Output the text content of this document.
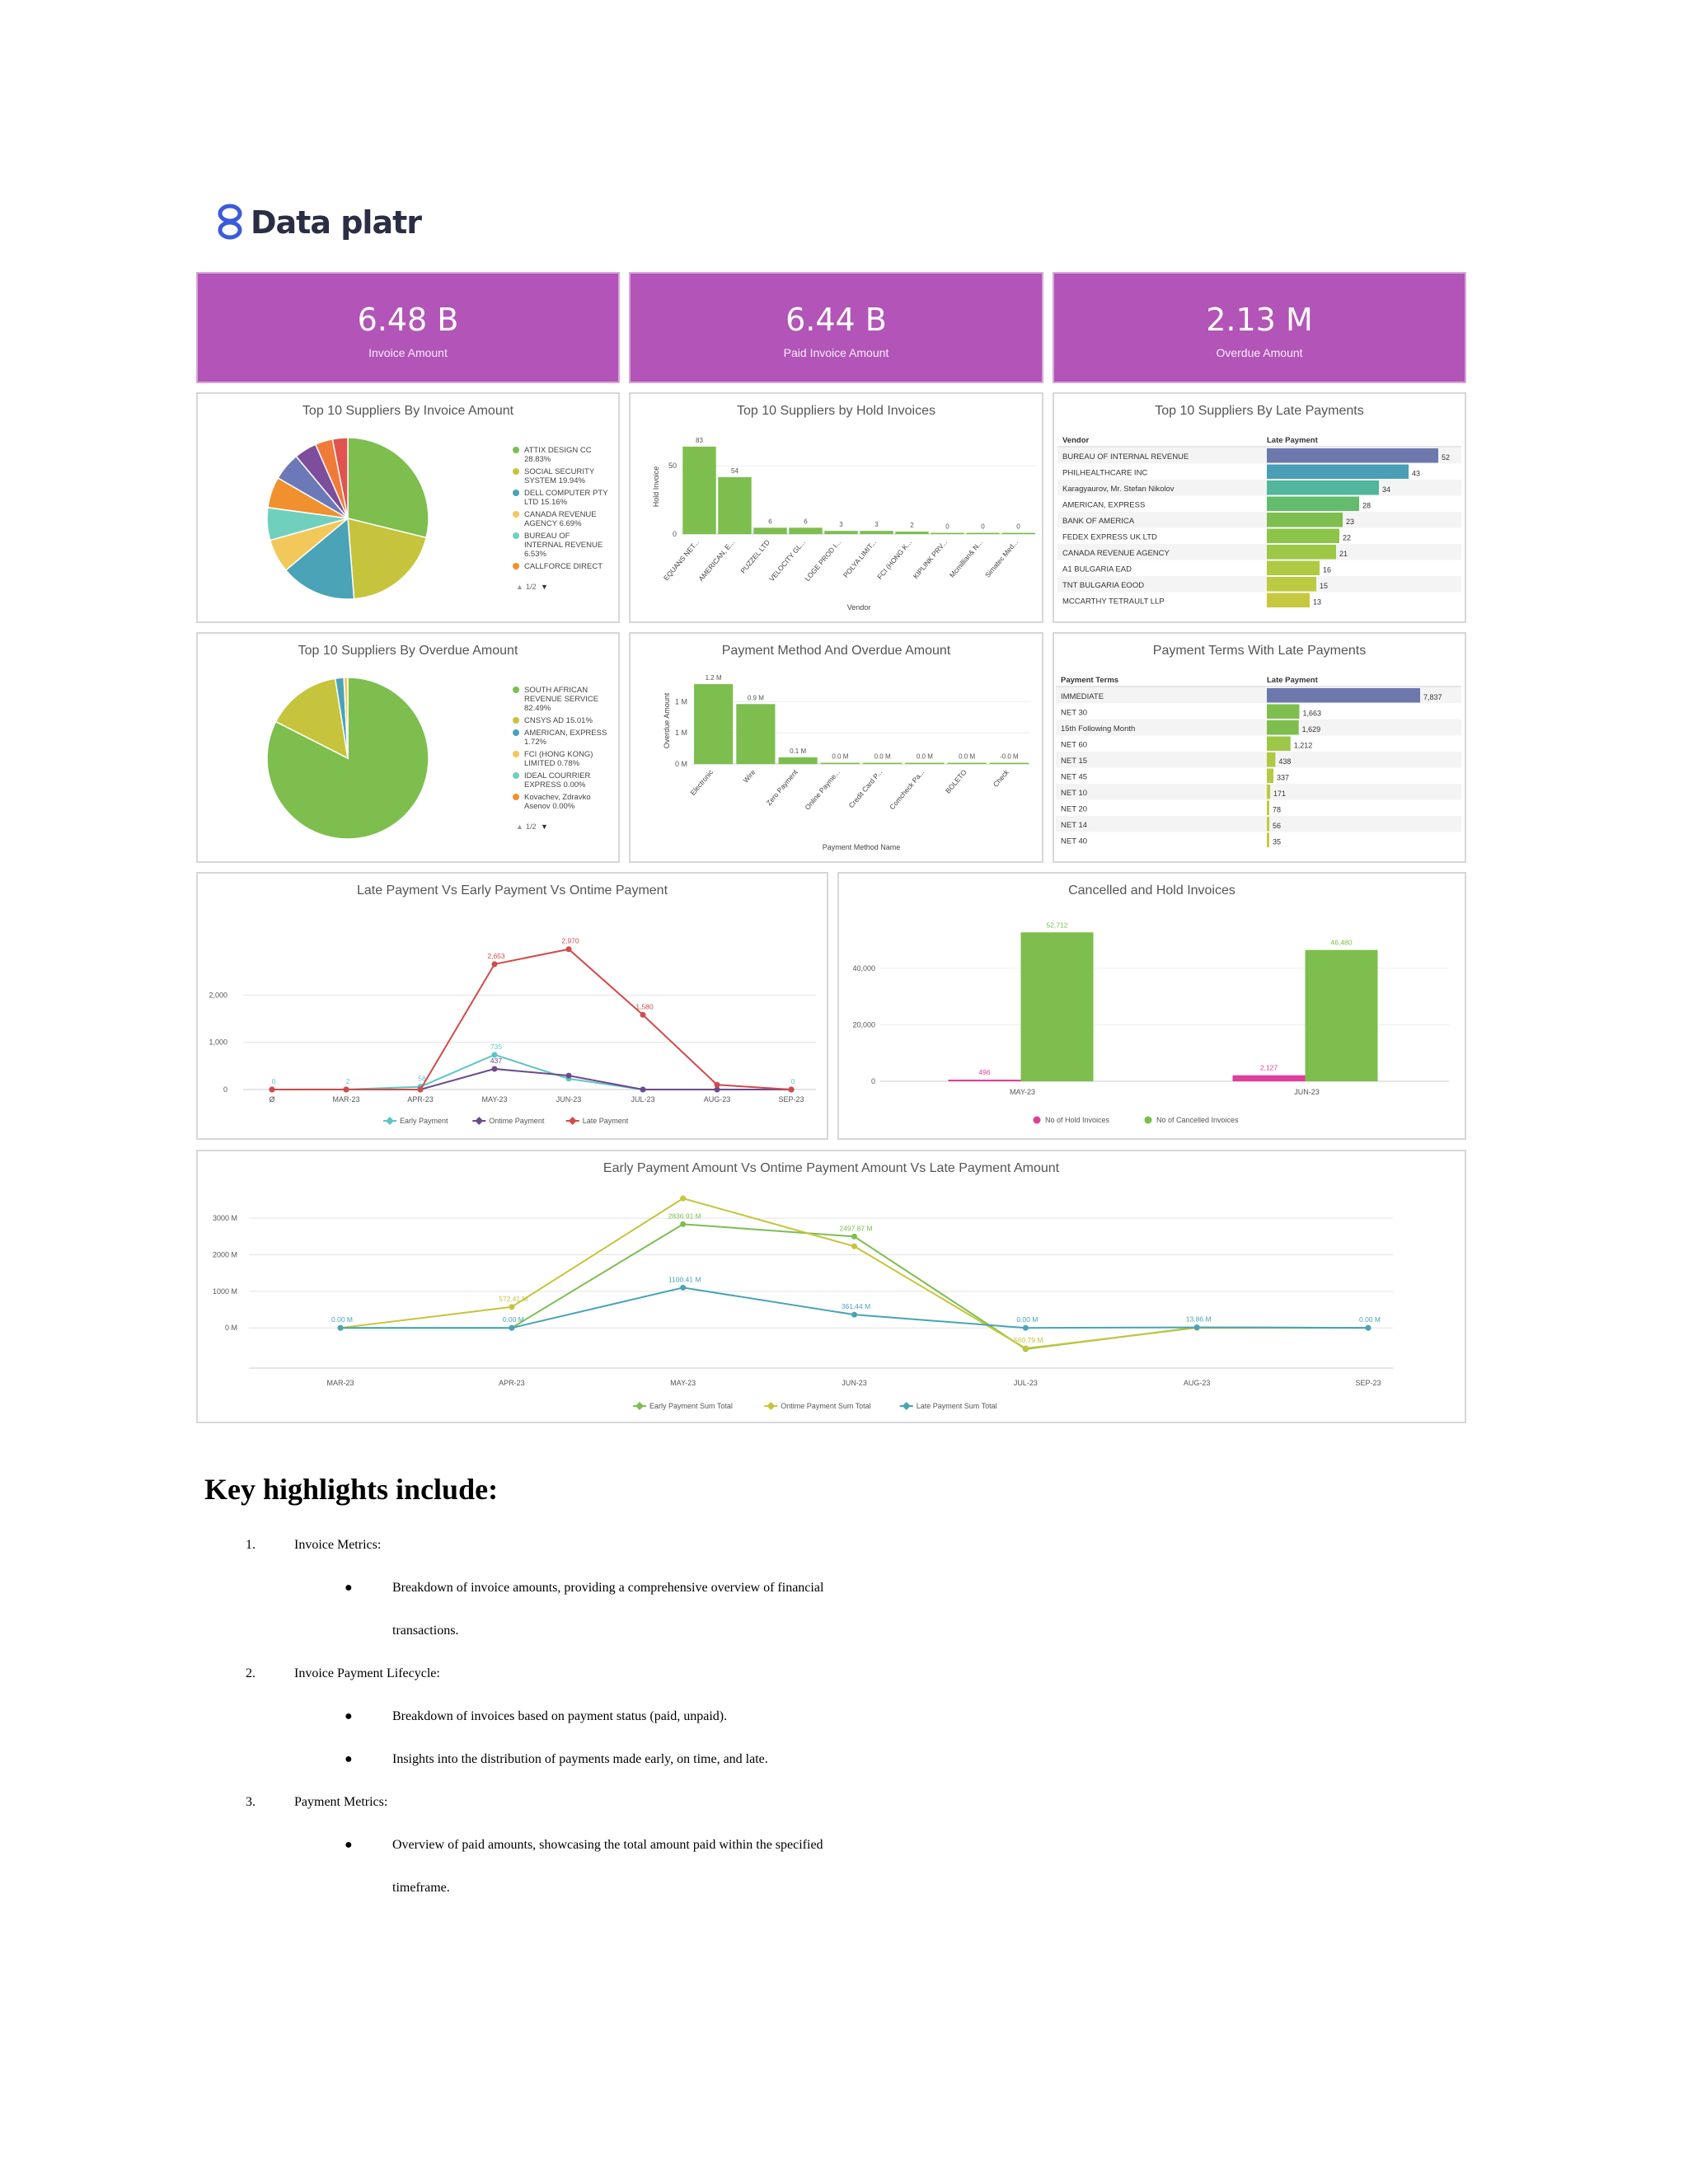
Data platr
6.48 B
Invoice Amount
6.44 B
Paid Invoice Amount
2.13 M
Overdue Amount
Top 10 Suppliers By Invoice Amount
ATTIX DESIGN CC
28.83%
SOCIAL SECURITY
SYSTEM 19.94%
DELL COMPUTER PTY
LTD 15.16%
CANADA REVENUE
AGENCY 6.69%
BUREAU OF
INTERNAL REVENUE
6.53%
CALLFORCE DIRECT
▲ 1/2 ▼
Top 10 Suppliers by Hold Invoices
0
50
Hold Invoice
83
EQUANS NET...
54
AMERICAN, E...
6
PUZZEL LTD
6
VELOCITY GL...
3
LOGE PROD I...
3
POLYA LIMIT...
2
FCI (HONG K...
0
KIPLINK PRV...
0
Mcmillian& N...
0
Simatec Med...
Vendor
Top 10 Suppliers By Late Payments
Vendor	Late Payment
BUREAU OF INTERNAL REVENUE	52
PHILHEALTHCARE INC	43
Karagyaurov, Mr. Stefan Nikolov	34
AMERICAN, EXPRESS	28
BANK OF AMERICA	23
FEDEX EXPRESS UK LTD	22
CANADA REVENUE AGENCY	21
A1 BULGARIA EAD	16
TNT BULGARIA EOOD	15
MCCARTHY TETRAULT LLP	13
Top 10 Suppliers By Overdue Amount
SOUTH AFRICAN
REVENUE SERVICE
82.49%
CNSYS AD 15.01%
AMERICAN, EXPRESS
1.72%
FCI (HONG KONG)
LIMITED 0.78%
IDEAL COURRIER
EXPRESS 0.00%
Kovachev, Zdravko
Asenov 0.00%
▲ 1/2 ▼
Payment Method And Overdue Amount
0 M
1 M
1 M
Overdue Amount
1.2 M
Electronic
0.9 M
Wire
0.1 M
Zero Payment
0.0 M
Online Payme...
0.0 M
Credit Card P...
0.0 M
Comcheck Pa...
0.0 M
BOLETO
-0.0 M
Check
Payment Method Name
Payment Terms With Late Payments
Payment Terms	Late Payment
IMMEDIATE	7,837
NET 30	1,663
15th Following Month	1,629
NET 60	1,212
NET 15	438
NET 45	337
NET 10	171
NET 20	78
NET 14	56
NET 40	35
Late Payment Vs Early Payment Vs Ontime Payment
0
1,000
2,000
Ø	MAR-23	APR-23	MAY-23	JUN-23	JUL-23	AUG-23	SEP-23
0	2	58
735
0
437
2,653
2,970
1,580
Early Payment	Ontime Payment	Late Payment
Cancelled and Hold Invoices
0
20,000
40,000
496
52,712
MAY-23
2,127
46,480
JUN-23
No of Hold Invoices	No of Cancelled Invoices
Early Payment Amount Vs Ontime Payment Amount Vs Late Payment Amount
0 M
1000 M
2000 M
3000 M
MAR-23	APR-23	MAY-23	JUN-23	JUL-23	AUG-23	SEP-23
2836.91 M
2497.87 M
572.41 M
-560.79 M
0.00 M	0.00 M
1100.41 M
361.44 M
0.00 M	13.86 M	0.00 M
Early Payment Sum Total	Ontime Payment Sum Total	Late Payment Sum Total
Key highlights include:
1.	Invoice Metrics:
●	Breakdown of invoice amounts, providing a comprehensive overview of financial
transactions.
2.	Invoice Payment Lifecycle:
●	Breakdown of invoices based on payment status (paid, unpaid).
●	Insights into the distribution of payments made early, on time, and late.
3.	Payment Metrics:
●	Overview of paid amounts, showcasing the total amount paid within the specified
timeframe.
